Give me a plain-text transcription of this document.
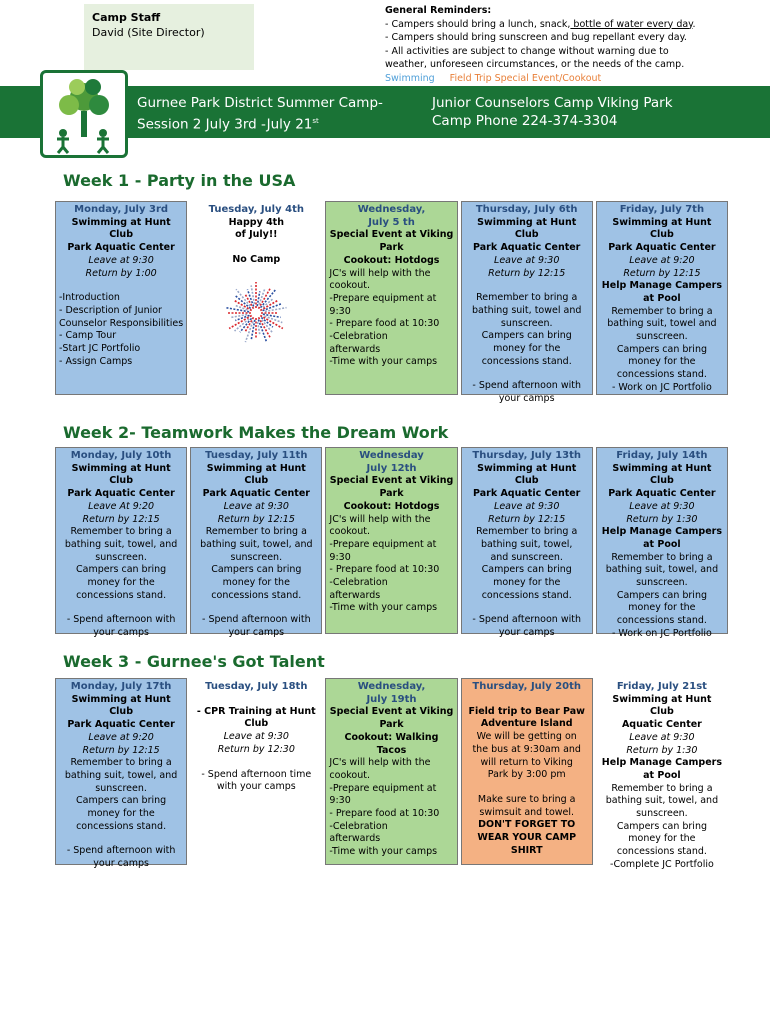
Camp Staff
David (Site Director)
General Reminders:
- Campers should bring a lunch, snack, bottle of water every day.
- Campers should bring sunscreen and bug repellant every day.
- All activities are subject to change without warning due to
weather, unforeseen circumstances, or the needs of the camp.
Swimming Field Trip Special Event/Cookout
Gurnee Park District Summer Camp-
Session 2 July 3rd -July 21st
Junior Counselors Camp Viking Park
Camp Phone 224-374-3304
Week 1 - Party in the USA
Monday, July 3rd
Swimming at Hunt Club
Park Aquatic Center
Leave at 9:30
Return by 1:00
-Introduction
- Description of Junior
Counselor Responsibilities
- Camp Tour
-Start JC Portfolio
- Assign Camps
Tuesday, July 4th
Happy 4th
of July!!
No Camp
Wednesday,
July 5 th
Special Event at Viking
Park
Cookout: Hotdogs
JC's will help with the
cookout.
-Prepare equipment at
9:30
- Prepare food at 10:30
-Celebration
afterwards
-Time with your camps
Thursday, July 6th
Swimming at Hunt Club
Park Aquatic Center
Leave at 9:30
Return by 12:15
Remember to bring a
bathing suit, towel and
sunscreen.
Campers can bring
money for the
concessions stand.
- Spend afternoon with
your camps
Friday, July 7th
Swimming at Hunt Club
Park Aquatic Center
Leave at 9:20
Return by 12:15
Help Manage Campers
at Pool
Remember to bring a
bathing suit, towel and
sunscreen.
Campers can bring
money for the
concessions stand.
- Work on JC Portfolio
Week 2- Teamwork Makes the Dream Work
Monday, July 10th
Swimming at Hunt Club
Park Aquatic Center
Leave At 9:20
Return by 12:15
Remember to bring a
bathing suit, towel, and
sunscreen.
Campers can bring
money for the
concessions stand.
- Spend afternoon with
your camps
Tuesday, July 11th
Swimming at Hunt Club
Park Aquatic Center
Leave at 9:30
Return by 12:15
Remember to bring a
bathing suit, towel, and
sunscreen.
Campers can bring
money for the
concessions stand.
- Spend afternoon with
your camps
Wednesday
July 12th
Special Event at Viking
Park
Cookout: Hotdogs
JC's will help with the
cookout.
-Prepare equipment at
9:30
- Prepare food at 10:30
-Celebration
afterwards
-Time with your camps
Thursday, July 13th
Swimming at Hunt Club
Park Aquatic Center
Leave at 9:30
Return by 12:15
Remember to bring a
bathing suit, towel,
and sunscreen.
Campers can bring
money for the
concessions stand.
- Spend afternoon with
your camps
Friday, July 14th
Swimming at Hunt Club
Park Aquatic Center
Leave at 9:30
Return by 1:30
Help Manage Campers
at Pool
Remember to bring a
bathing suit, towel, and
sunscreen.
Campers can bring
money for the
concessions stand.
- Work on JC Portfolio
Week 3 - Gurnee's Got Talent
Monday, July 17th
Swimming at Hunt Club
Park Aquatic Center
Leave at 9:20
Return by 12:15
Remember to bring a
bathing suit, towel, and
sunscreen.
Campers can bring
money for the
concessions stand.
- Spend afternoon with
your camps
Tuesday, July 18th
- CPR Training at Hunt
Club
Leave at 9:30
Return by 12:30
- Spend afternoon time
with your camps
Wednesday,
July 19th
Special Event at Viking
Park
Cookout: Walking
Tacos
JC's will help with the
cookout.
-Prepare equipment at
9:30
- Prepare food at 10:30
-Celebration
afterwards
-Time with your camps
Thursday, July 20th
Field trip to Bear Paw
Adventure Island
We will be getting on
the bus at 9:30am and
will return to Viking
Park by 3:00 pm
Make sure to bring a
swimsuit and towel.
DON'T FORGET TO
WEAR YOUR CAMP
SHIRT
Friday, July 21st
Swimming at Hunt Club
Aquatic Center
Leave at 9:30
Return by 1:30
Help Manage Campers
at Pool
Remember to bring a
bathing suit, towel, and
sunscreen.
Campers can bring
money for the
concessions stand.
-Complete JC Portfolio
